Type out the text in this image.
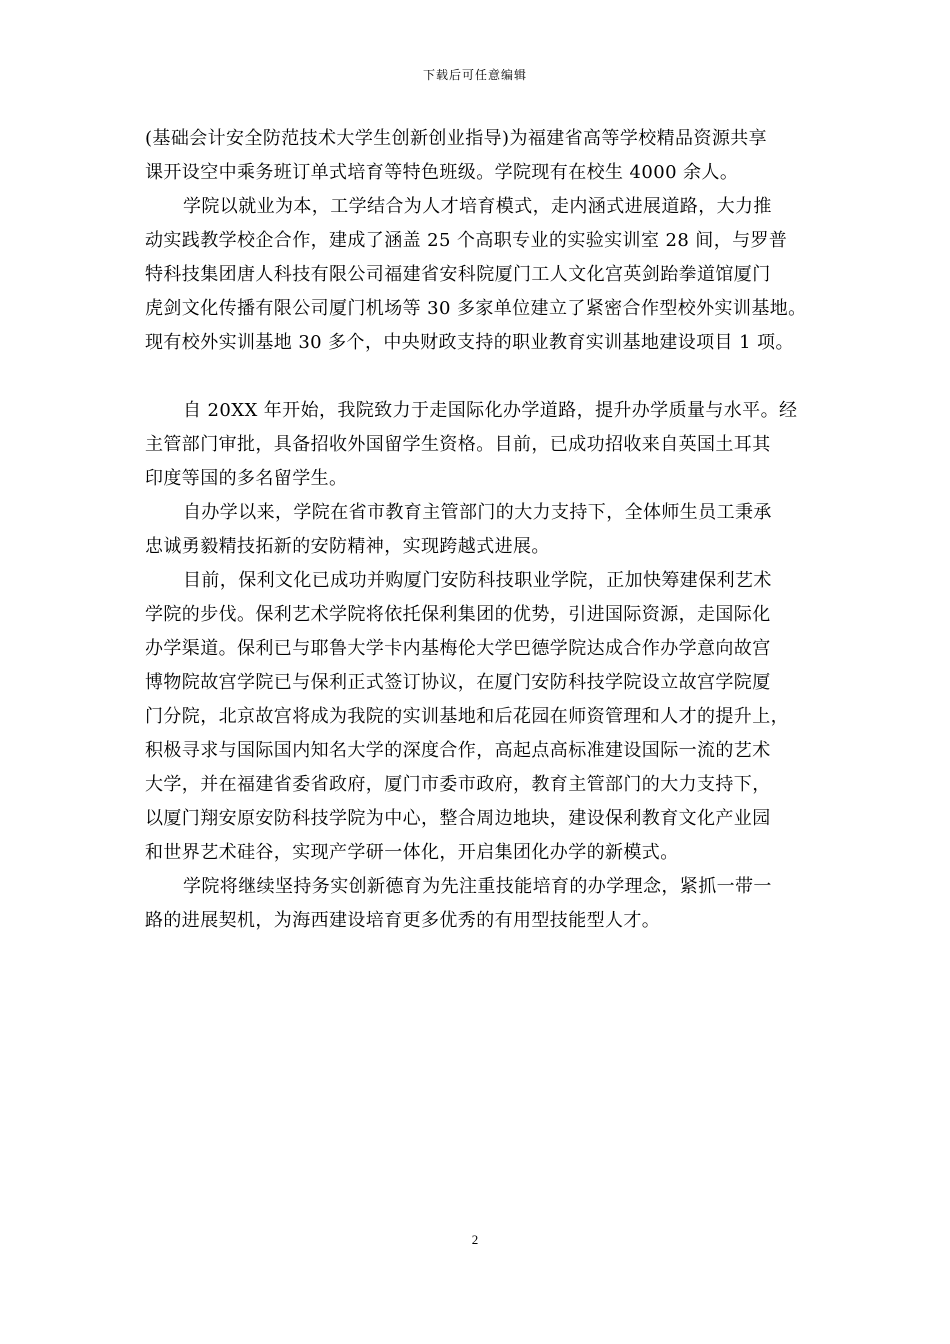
下载后可任意编辑
(基础会计安全防范技术大学生创新创业指导)为福建省高等学校精品资源共享
课开设空中乘务班订单式培育等特色班级。学院现有在校生 4000 余人。
学院以就业为本，工学结合为人才培育模式，走内涵式进展道路，大力推
动实践教学校企合作，建成了涵盖 25 个高职专业的实验实训室 28 间，与罗普
特科技集团唐人科技有限公司福建省安科院厦门工人文化宫英剑跆拳道馆厦门
虎剑文化传播有限公司厦门机场等 30 多家单位建立了紧密合作型校外实训基地。
现有校外实训基地 30 多个，中央财政支持的职业教育实训基地建设项目 1 项。
自 20XX 年开始，我院致力于走国际化办学道路，提升办学质量与水平。经
主管部门审批，具备招收外国留学生资格。目前，已成功招收来自英国土耳其
印度等国的多名留学生。
自办学以来，学院在省市教育主管部门的大力支持下，全体师生员工秉承
忠诚勇毅精技拓新的安防精神，实现跨越式进展。
目前，保利文化已成功并购厦门安防科技职业学院，正加快筹建保利艺术
学院的步伐。保利艺术学院将依托保利集团的优势，引进国际资源，走国际化
办学渠道。保利已与耶鲁大学卡内基梅伦大学巴德学院达成合作办学意向故宫
博物院故宫学院已与保利正式签订协议，在厦门安防科技学院设立故宫学院厦
门分院，北京故宫将成为我院的实训基地和后花园在师资管理和人才的提升上，
积极寻求与国际国内知名大学的深度合作，高起点高标准建设国际一流的艺术
大学，并在福建省委省政府，厦门市委市政府，教育主管部门的大力支持下，
以厦门翔安原安防科技学院为中心，整合周边地块，建设保利教育文化产业园
和世界艺术硅谷，实现产学研一体化，开启集团化办学的新模式。
学院将继续坚持务实创新德育为先注重技能培育的办学理念，紧抓一带一
路的进展契机，为海西建设培育更多优秀的有用型技能型人才。
2
